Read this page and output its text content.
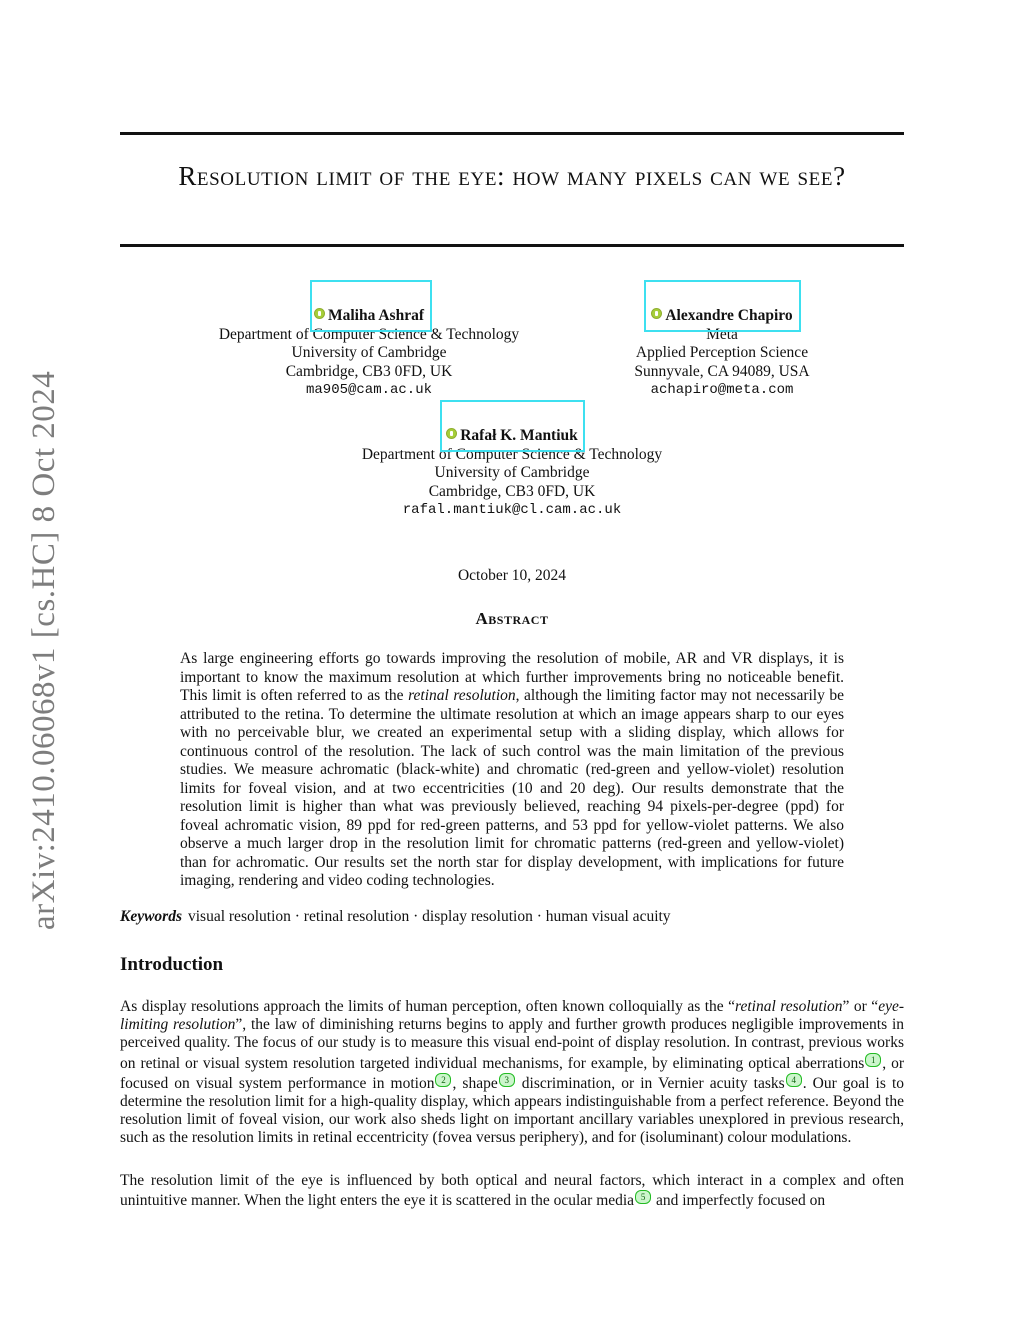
arXiv:2410.06068v1 [cs.HC] 8 Oct 2024
Resolution limit of the eye: how many pixels can we see?
Maliha Ashraf
Department of Computer Science & Technology
University of Cambridge
Cambridge, CB3 0FD, UK
ma905@cam.ac.uk
Alexandre Chapiro
Meta
Applied Perception Science
Sunnyvale, CA 94089, USA
achapiro@meta.com
Rafał K. Mantiuk
Department of Computer Science & Technology
University of Cambridge
Cambridge, CB3 0FD, UK
rafal.mantiuk@cl.cam.ac.uk
October 10, 2024
Abstract
As large engineering efforts go towards improving the resolution of mobile, AR and VR displays, it is important to know the maximum resolution at which further improvements bring no noticeable benefit. This limit is often referred to as the retinal resolution, although the limiting factor may not necessarily be attributed to the retina. To determine the ultimate resolution at which an image appears sharp to our eyes with no perceivable blur, we created an experimental setup with a sliding display, which allows for continuous control of the resolution. The lack of such control was the main limitation of the previous studies. We measure achromatic (black-white) and chromatic (red-green and yellow-violet) resolution limits for foveal vision, and at two eccentricities (10 and 20 deg). Our results demonstrate that the resolution limit is higher than what was previously believed, reaching 94 pixels-per-degree (ppd) for foveal achromatic vision, 89 ppd for red-green patterns, and 53 ppd for yellow-violet patterns. We also observe a much larger drop in the resolution limit for chromatic patterns (red-green and yellow-violet) than for achromatic. Our results set the north star for display development, with implications for future imaging, rendering and video coding technologies.
Keywords visual resolution · retinal resolution · display resolution · human visual acuity
Introduction
As display resolutions approach the limits of human perception, often known colloquially as the “retinal resolution” or “eye-limiting resolution”, the law of diminishing returns begins to apply and further growth produces negligible improvements in perceived quality. The focus of our study is to measure this visual end-point of display resolution. In contrast, previous works on retinal or visual system resolution targeted individual mechanisms, for example, by eliminating optical aberrations 1 , or focused on visual system performance in motion 2 , shape 3 discrimination, or in Vernier acuity tasks 4 . Our goal is to determine the resolution limit for a high-quality display, which appears indistinguishable from a perfect reference. Beyond the resolution limit of foveal vision, our work also sheds light on important ancillary variables unexplored in previous research, such as the resolution limits in retinal eccentricity (fovea versus periphery), and for (isoluminant) colour modulations.
The resolution limit of the eye is influenced by both optical and neural factors, which interact in a complex and often unintuitive manner. When the light enters the eye it is scattered in the ocular media 5 and imperfectly focused on
